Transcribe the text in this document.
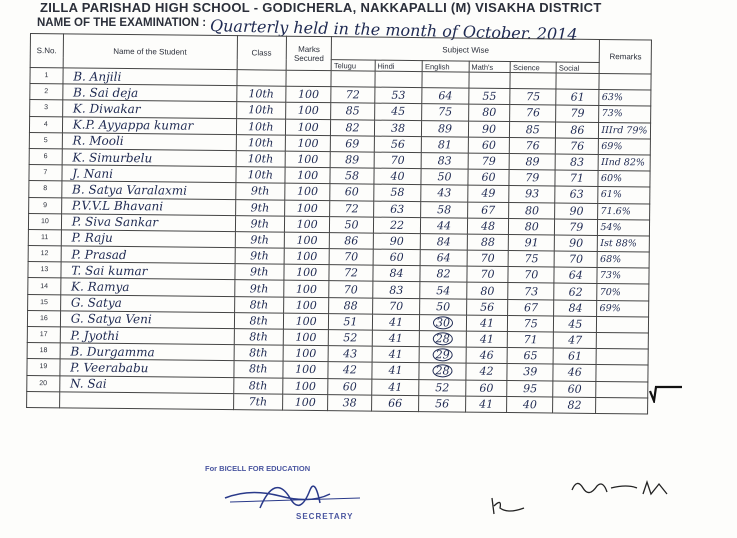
ZILLA PARISHAD HIGH SCHOOL - GODICHERLA, NAKKAPALLI (M) VISAKHA DISTRICT
NAME OF THE EXAMINATION : Quarterly held in the month of October. 2014
S.No.	Name of the Student	Class	Marks Secured	Subject Wise						Remarks
				Telugu	Hindi	English	Math's	Science	Social	
1	B. Anjili									
2	B. Sai deja	10th	100	72	53	64	55	75	61	63%
3	K. Diwakar	10th	100	85	45	75	80	76	79	73%
4	K.P. Ayyappa kumar	10th	100	82	38	89	90	85	86	IIIrd 79%
5	R. Mooli	10th	100	69	56	81	60	76	76	69%
6	K. Simurbelu	10th	100	89	70	83	79	89	83	IInd 82%
7	J. Nani	10th	100	58	40	50	60	79	71	60%
8	B. Satya Varalaxmi	9th	100	60	58	43	49	93	63	61%
9	P.V.V.L Bhavani	9th	100	72	63	58	67	80	90	71.6%
10	P. Siva Sankar	9th	100	50	22	44	48	80	79	54%
11	P. Raju	9th	100	86	90	84	88	91	90	Ist 88%
12	P. Prasad	9th	100	70	60	64	70	75	70	68%
13	T. Sai kumar	9th	100	72	84	82	70	70	64	73%
14	K. Ramya	9th	100	70	83	54	80	73	62	70%
15	G. Satya	8th	100	88	70	50	56	67	84	69%
16	G. Satya Veni	8th	100	51	41	30	41	75	45	
17	P. Jyothi	8th	100	52	41	28	41	71	47	
18	B. Durgamma	8th	100	43	41	29	46	65	61	
19	P. Veerababu	8th	100	42	41	28	42	39	46	
20	N. Sai	8th	100	60	41	52	60	95	60	
		7th	100	38	66	56	41	40	82	
For BICELL FOR EDUCATION
SECRETARY
